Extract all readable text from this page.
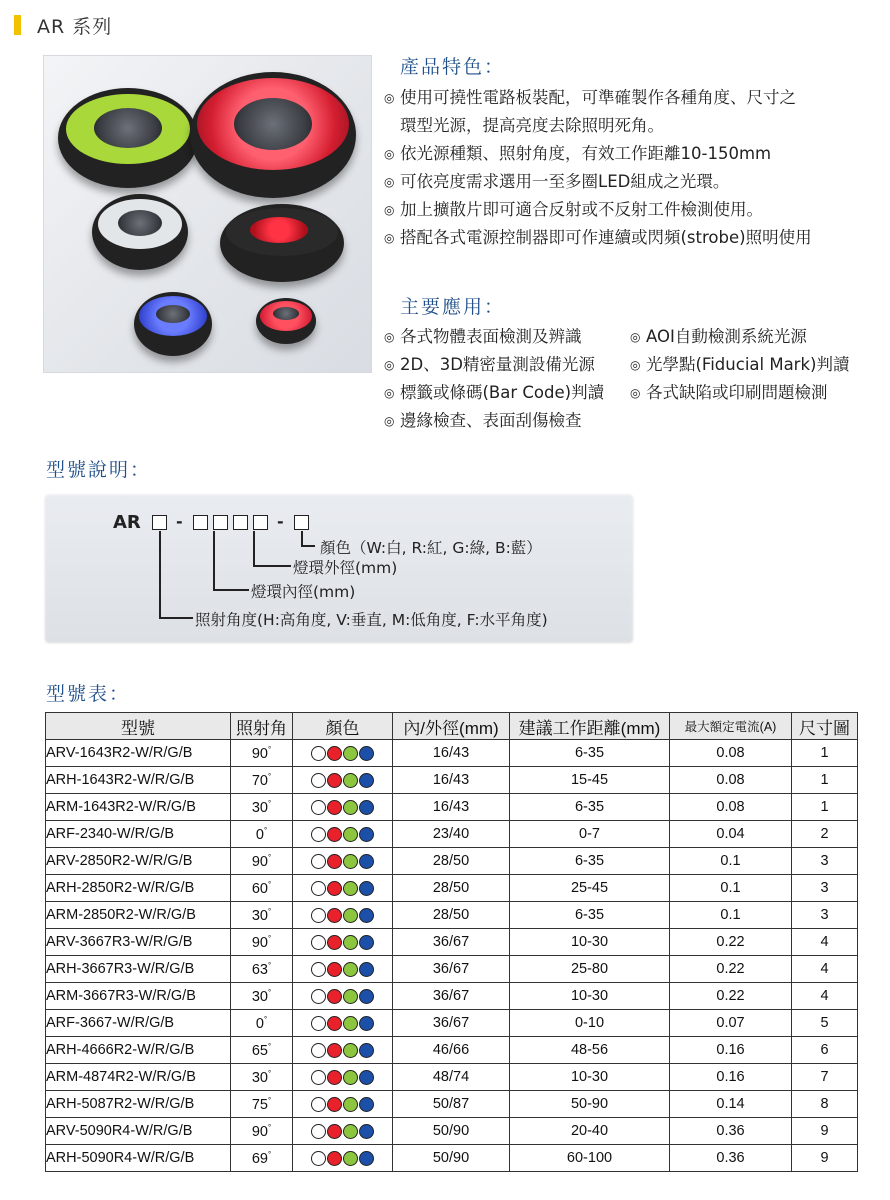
AR 系列
產品特色：
◎ 使用可撓性電路板裝配，可準確製作各種角度、尺寸之
環型光源，提高亮度去除照明死角。
◎ 依光源種類、照射角度，有效工作距離10-150mm
◎ 可依亮度需求選用一至多圈LED組成之光環。
◎ 加上擴散片即可適合反射或不反射工件檢測使用。
◎ 搭配各式電源控制器即可作連續或閃頻(strobe)照明使用
主要應用：
◎ 各式物體表面檢測及辨識	◎ AOI自動檢測系統光源
◎ 2D、3D精密量測設備光源	◎ 光學點(Fiducial Mark)判讀
◎ 標籤或條碼(Bar Code)判讀 ◎ 各式缺陷或印刷問題檢測
◎ 邊緣檢查、表面刮傷檢查
型號說明：
AR -	-
顏色（W:白, R:紅, G:綠, B:藍）
燈環外徑(mm)
燈環內徑(mm)
照射角度(H:高角度, V:垂直, M:低角度, F:水平角度)
型號表：
型號	照射角	顏色	內/外徑(mm)	建議工作距離(mm)	最大額定電流(A)	尺寸圖
ARV-1643R2-W/R/G/B	90°		16/43	6-35	0.08	1
ARH-1643R2-W/R/G/B	70°		16/43	15-45	0.08	1
ARM-1643R2-W/R/G/B	30°		16/43	6-35	0.08	1
ARF-2340-W/R/G/B	0°		23/40	0-7	0.04	2
ARV-2850R2-W/R/G/B	90°		28/50	6-35	0.1	3
ARH-2850R2-W/R/G/B	60°		28/50	25-45	0.1	3
ARM-2850R2-W/R/G/B	30°		28/50	6-35	0.1	3
ARV-3667R3-W/R/G/B	90°		36/67	10-30	0.22	4
ARH-3667R3-W/R/G/B	63°		36/67	25-80	0.22	4
ARM-3667R3-W/R/G/B	30°		36/67	10-30	0.22	4
ARF-3667-W/R/G/B	0°		36/67	0-10	0.07	5
ARH-4666R2-W/R/G/B	65°		46/66	48-56	0.16	6
ARM-4874R2-W/R/G/B	30°		48/74	10-30	0.16	7
ARH-5087R2-W/R/G/B	75°		50/87	50-90	0.14	8
ARV-5090R4-W/R/G/B	90°		50/90	20-40	0.36	9
ARH-5090R4-W/R/G/B	69°		50/90	60-100	0.36	9
